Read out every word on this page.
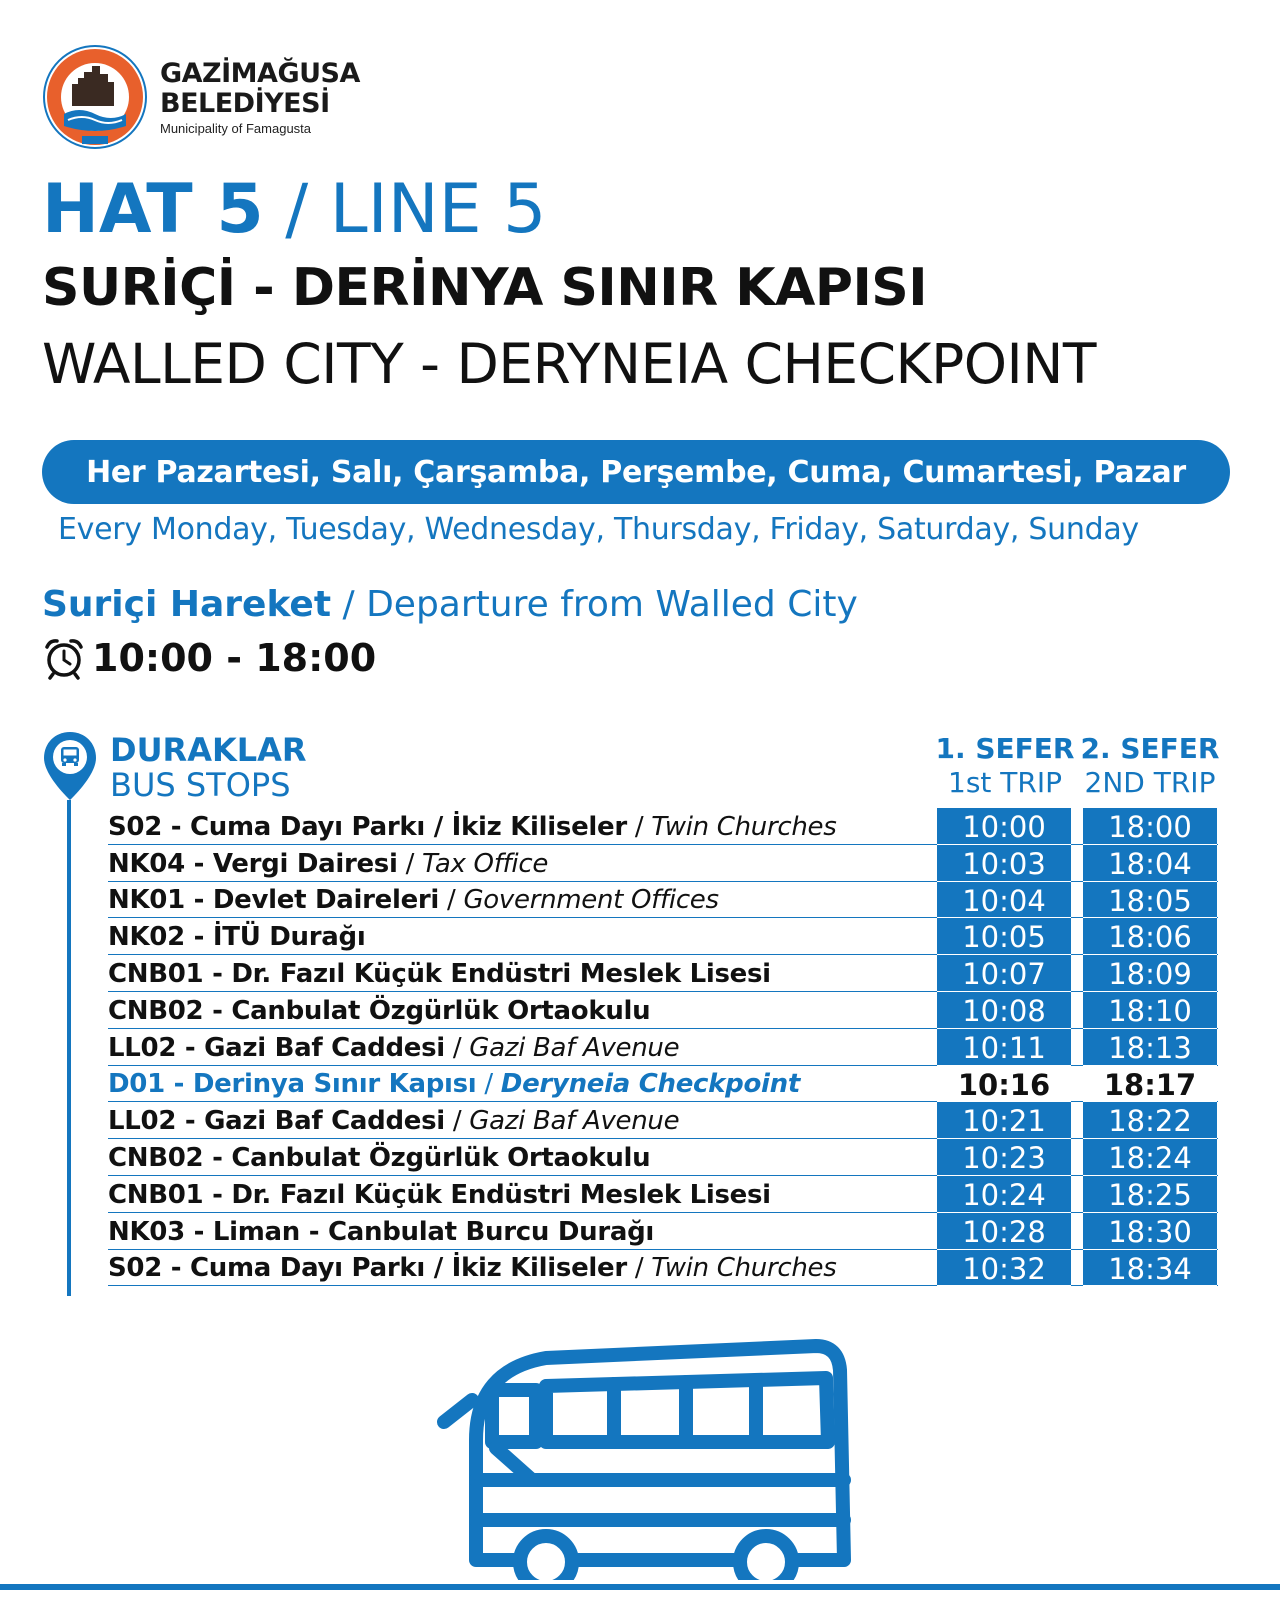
GAZİMAĞUSA
BELEDİYESİ
Municipality of Famagusta
HAT 5 / LINE 5
SURİÇİ - DERİNYA SINIR KAPISI
WALLED CITY - DERYNEIA CHECKPOINT
Her Pazartesi, Salı, Çarşamba, Perşembe, Cuma, Cumartesi, Pazar
Every Monday, Tuesday, Wednesday, Thursday, Friday, Saturday, Sunday
Suriçi Hareket / Departure from Walled City
10:00 - 18:00
DURAKLAR
BUS STOPS
1. SEFER
1st TRIP
2. SEFER
2ND TRIP
S02 - Cuma Dayı Parkı / İkiz Kiliseler / Twin Churches	10:00	18:00
NK04 - Vergi Dairesi / Tax Office	10:03	18:04
NK01 - Devlet Daireleri / Government Offices	10:04	18:05
NK02 - İTÜ Durağı	10:05	18:06
CNB01 - Dr. Fazıl Küçük Endüstri Meslek Lisesi	10:07	18:09
CNB02 - Canbulat Özgürlük Ortaokulu	10:08	18:10
LL02 - Gazi Baf Caddesi / Gazi Baf Avenue	10:11	18:13
D01 - Derinya Sınır Kapısı / Deryneia Checkpoint	10:16	18:17
LL02 - Gazi Baf Caddesi / Gazi Baf Avenue	10:21	18:22
CNB02 - Canbulat Özgürlük Ortaokulu	10:23	18:24
CNB01 - Dr. Fazıl Küçük Endüstri Meslek Lisesi	10:24	18:25
NK03 - Liman - Canbulat Burcu Durağı	10:28	18:30
S02 - Cuma Dayı Parkı / İkiz Kiliseler / Twin Churches	10:32	18:34
